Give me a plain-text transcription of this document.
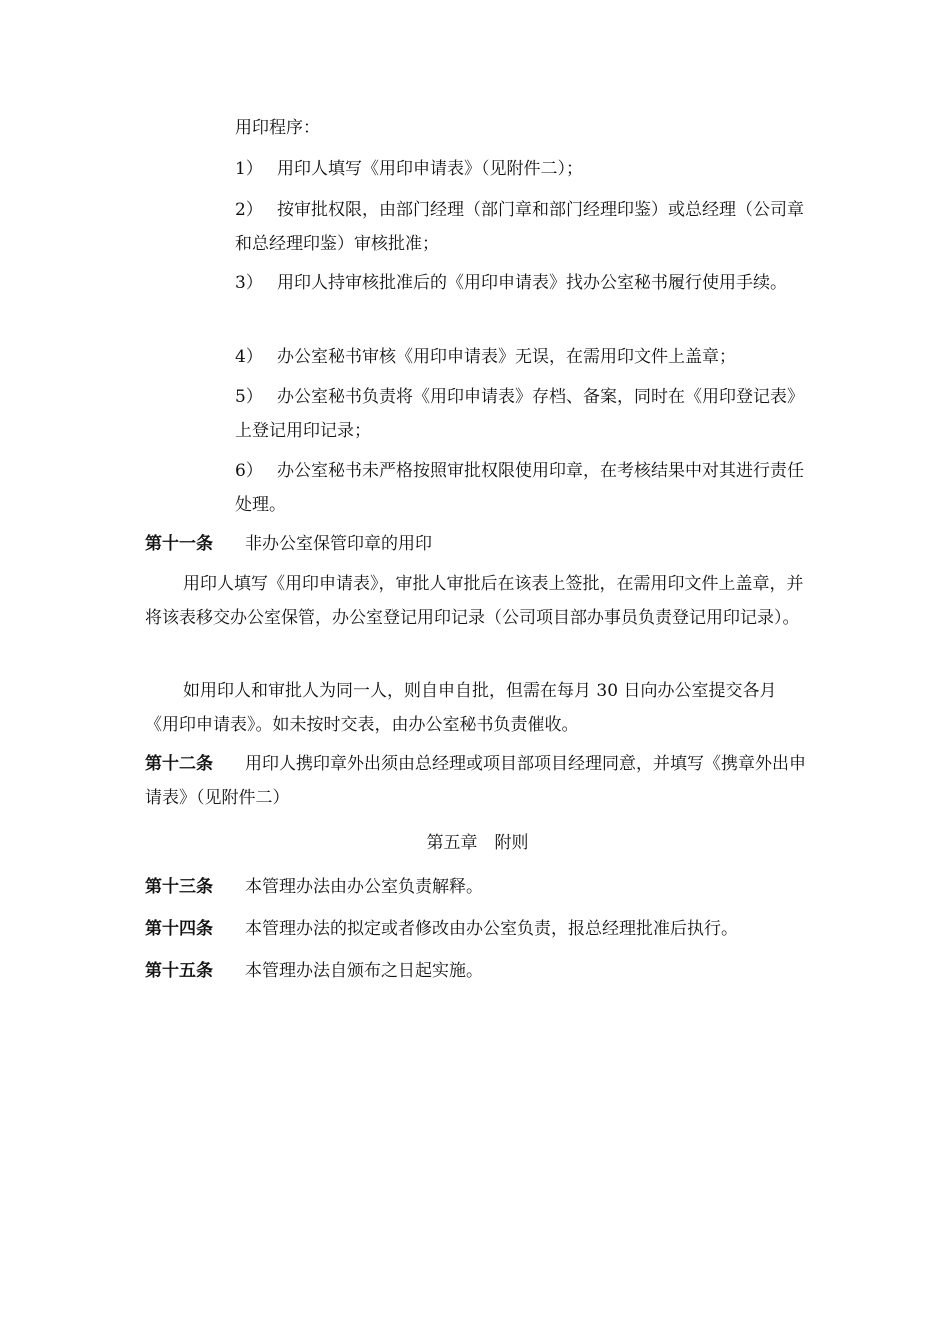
用印程序：

1） 用印人填写《用印申请表》（见附件二）；

2） 按审批权限，由部门经理（部门章和部门经理印鉴）或总经理（公司章和总经理印鉴）审核批准；

3） 用印人持审核批准后的《用印申请表》找办公室秘书履行使用手续。

4） 办公室秘书审核《用印申请表》无误，在需用印文件上盖章；

5） 办公室秘书负责将《用印申请表》存档、备案，同时在《用印登记表》上登记用印记录；

6） 办公室秘书未严格按照审批权限使用印章，在考核结果中对其进行责任处理。

第十一条 非办公室保管印章的用印

用印人填写《用印申请表》，审批人审批后在该表上签批，在需用印文件上盖章，并将该表移交办公室保管，办公室登记用印记录（公司项目部办事员负责登记用印记录）。

如用印人和审批人为同一人，则自申自批，但需在每月 30 日向办公室提交各月《用印申请表》。如未按时交表，由办公室秘书负责催收。

第十二条 用印人携印章外出须由总经理或项目部项目经理同意，并填写《携章外出申请表》（见附件二）

第五章　附则

第十三条 本管理办法由办公室负责解释。

第十四条 本管理办法的拟定或者修改由办公室负责，报总经理批准后执行。

第十五条 本管理办法自颁布之日起实施。
